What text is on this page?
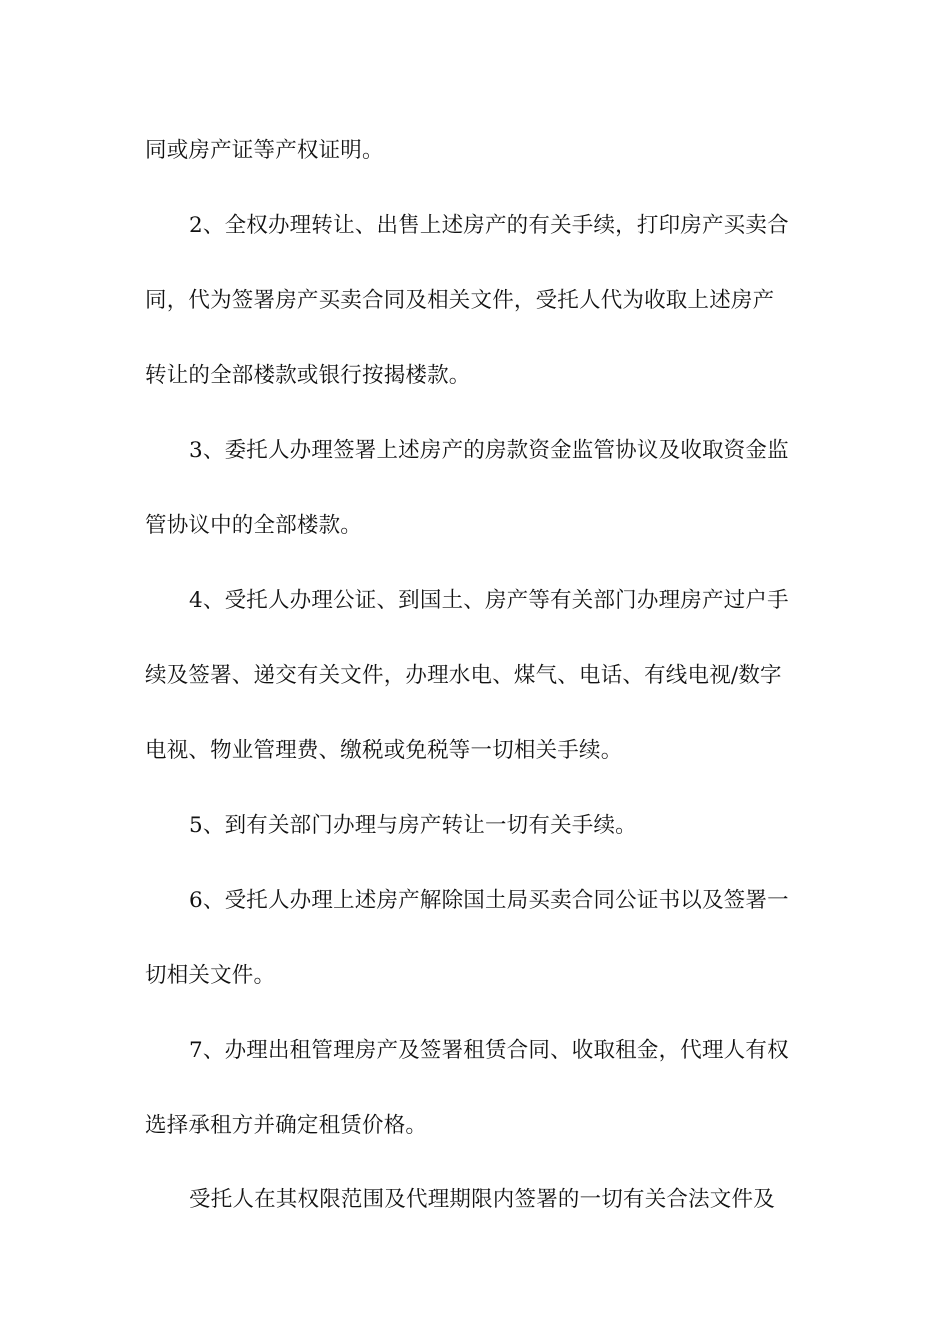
同或房产证等产权证明。
2、全权办理转让、出售上述房产的有关手续，打印房产买卖合
同，代为签署房产买卖合同及相关文件，受托人代为收取上述房产
转让的全部楼款或银行按揭楼款。
3、委托人办理签署上述房产的房款资金监管协议及收取资金监
管协议中的全部楼款。
4、受托人办理公证、到国土、房产等有关部门办理房产过户手
续及签署、递交有关文件，办理水电、煤气、电话、有线电视/数字
电视、物业管理费、缴税或免税等一切相关手续。
5、到有关部门办理与房产转让一切有关手续。
6、受托人办理上述房产解除国土局买卖合同公证书以及签署一
切相关文件。
7、办理出租管理房产及签署租赁合同、收取租金，代理人有权
选择承租方并确定租赁价格。
受托人在其权限范围及代理期限内签署的一切有关合法文件及
